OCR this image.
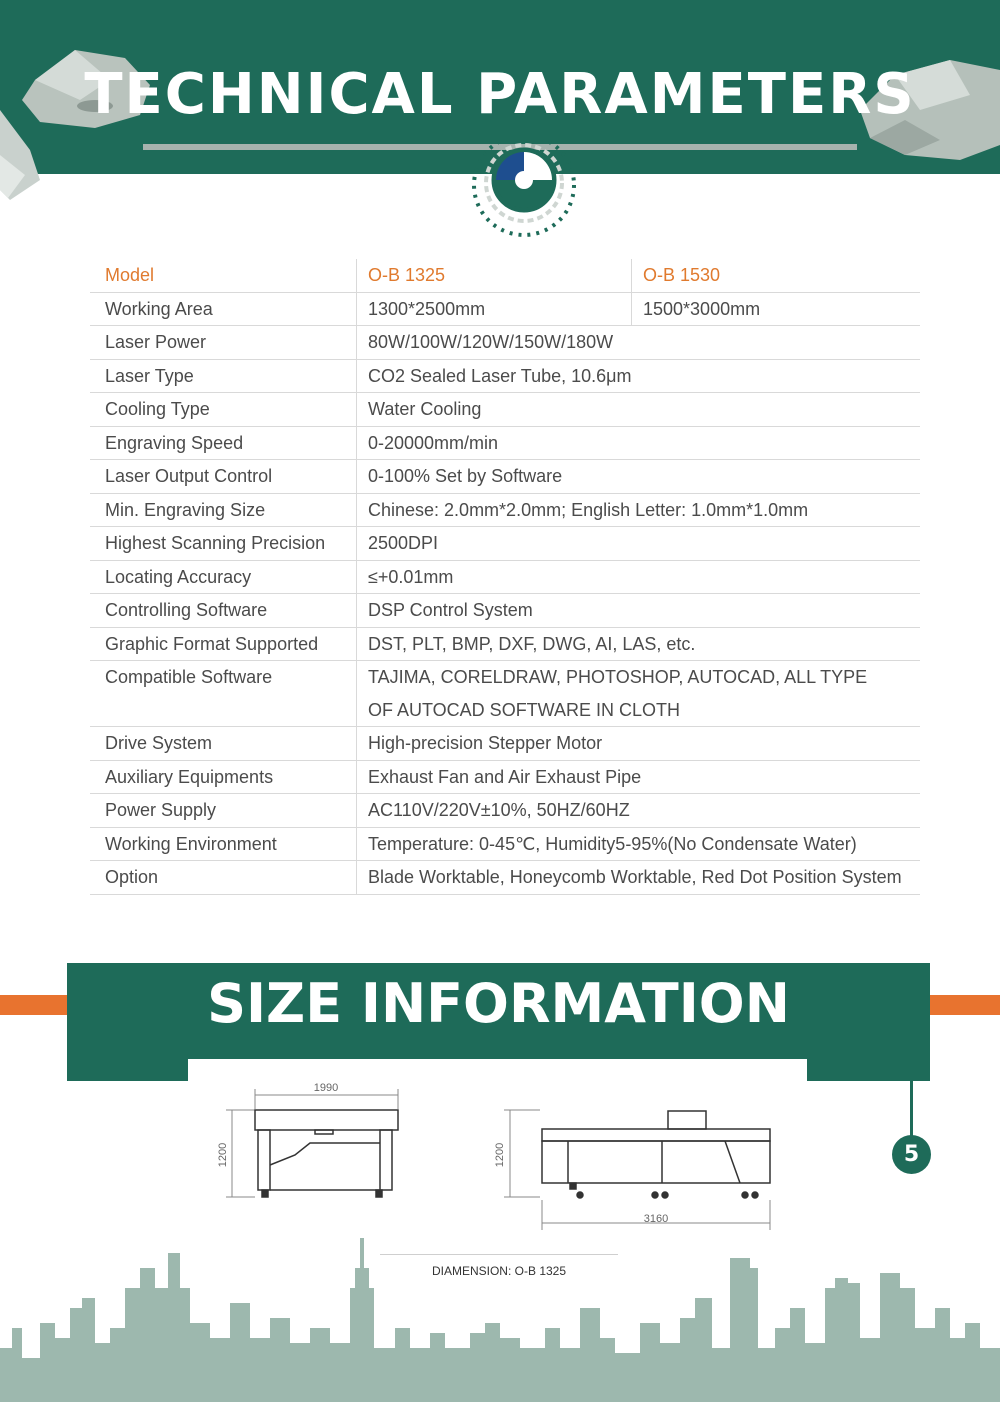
TECHNICAL PARAMETERS
Model	O-B 1325	O-B 1530
Working Area	1300*2500mm	1500*3000mm
Laser Power	80W/100W/120W/150W/180W	
Laser Type	CO2 Sealed Laser Tube, 10.6μm	
Cooling Type	Water Cooling	
Engraving Speed	0-20000mm/min	
Laser Output Control	0-100% Set by Software	
Min. Engraving Size	Chinese: 2.0mm*2.0mm; English Letter: 1.0mm*1.0mm	
Highest Scanning Precision	2500DPI	
Locating Accuracy	≤+0.01mm	
Controlling Software	DSP Control System	
Graphic Format Supported	DST, PLT, BMP, DXF, DWG, AI, LAS, etc.	
Compatible Software	TAJIMA, CORELDRAW, PHOTOSHOP, AUTOCAD, ALL TYPE OF AUTOCAD SOFTWARE IN CLOTH	
Drive System	High-precision Stepper Motor	
Auxiliary Equipments	Exhaust Fan and Air Exhaust Pipe	
Power Supply	AC110V/220V±10%, 50HZ/60HZ	
Working Environment	Temperature: 0-45℃, Humidity5-95%(No Condensate Water)	
Option	Blade Worktable, Honeycomb Worktable, Red Dot Position System	
SIZE INFORMATION
5
1990
1200	1200
3160
DIAMENSION: O-B 1325
